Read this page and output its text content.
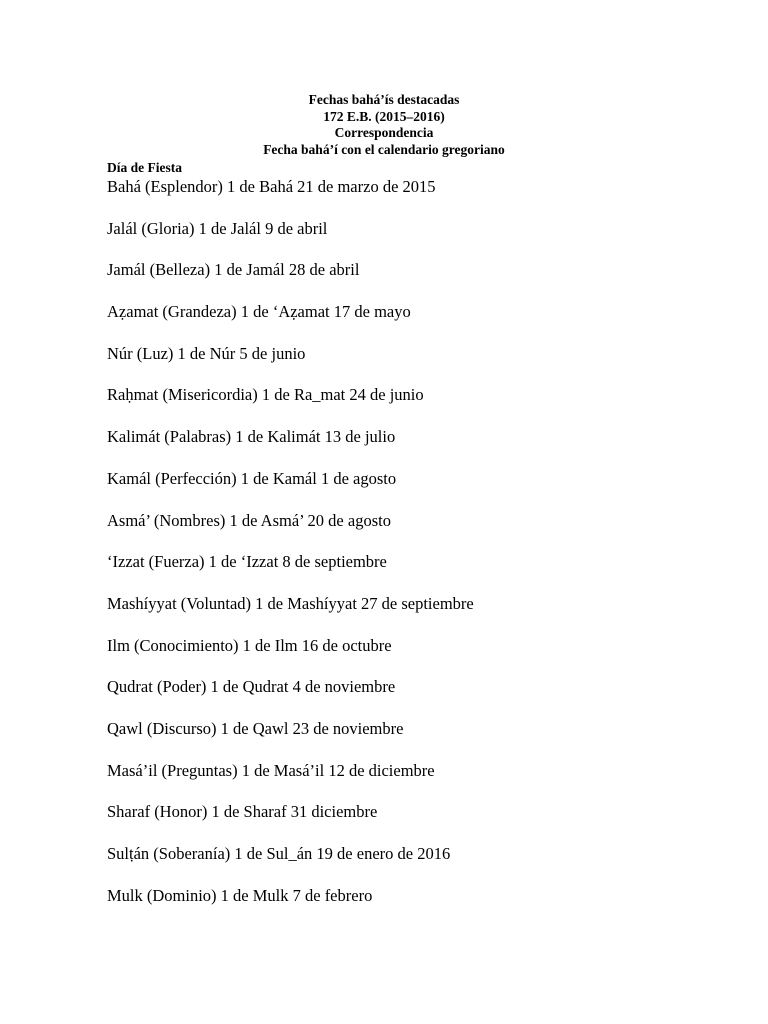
Fechas bahá’ís destacadas
172 E.B. (2015–2016)
Correspondencia
Fecha bahá’í con el calendario gregoriano
Día de Fiesta
Bahá (Esplendor) 1 de Bahá 21 de marzo de 2015
Jalál (Gloria) 1 de Jalál 9 de abril
Jamál (Belleza) 1 de Jamál 28 de abril
Aẓamat (Grandeza) 1 de ‘Aẓamat 17 de mayo
Núr (Luz) 1 de Núr 5 de junio
Raḥmat (Misericordia) 1 de Ra_mat 24 de junio
Kalimát (Palabras) 1 de Kalimát 13 de julio
Kamál (Perfección) 1 de Kamál 1 de agosto
Asmá’ (Nombres) 1 de Asmá’ 20 de agosto
‘Izzat (Fuerza) 1 de ‘Izzat 8 de septiembre
Mashíyyat (Voluntad) 1 de Mashíyyat 27 de septiembre
Ilm (Conocimiento) 1 de Ilm 16 de octubre
Qudrat (Poder) 1 de Qudrat 4 de noviembre
Qawl (Discurso) 1 de Qawl 23 de noviembre
Masá’il (Preguntas) 1 de Masá’il 12 de diciembre
Sharaf (Honor) 1 de Sharaf 31 diciembre
Sulṭán (Soberanía) 1 de Sul_án 19 de enero de 2016
Mulk (Dominio) 1 de Mulk 7 de febrero
